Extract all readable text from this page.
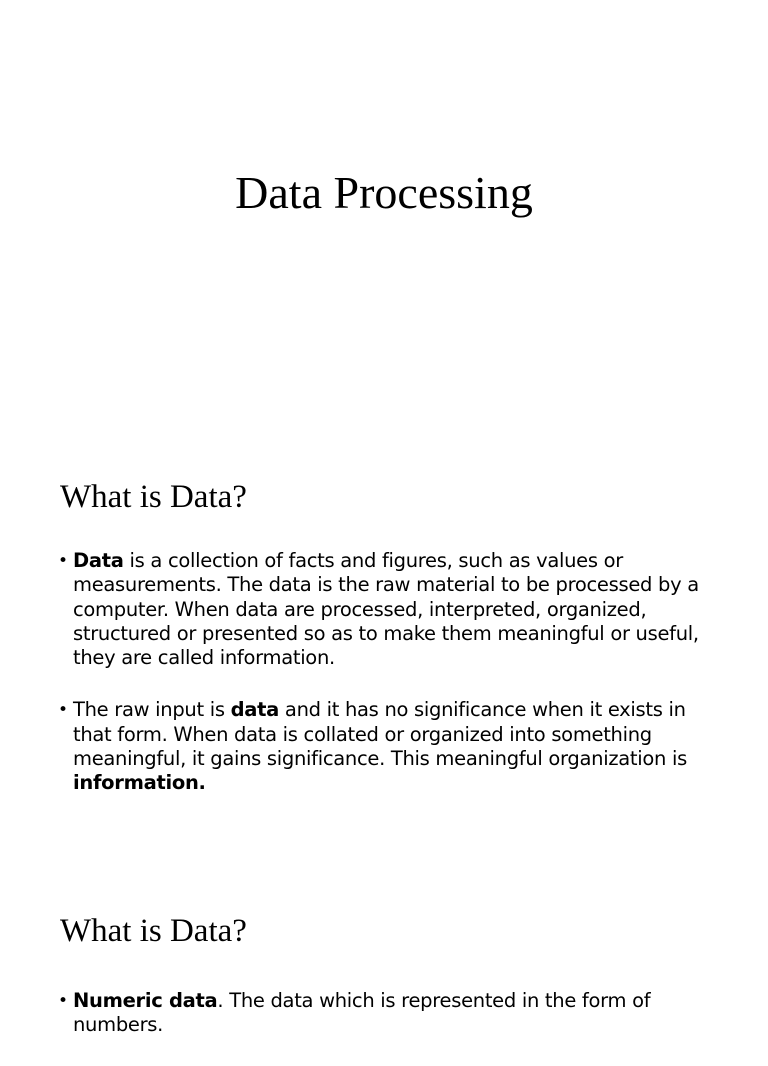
Data Processing
What is Data?
• Data is a collection of facts and figures, such as values or measurements. The data is the raw material to be processed by a computer. When data are processed, interpreted, organized, structured or presented so as to make them meaningful or useful, they are called information.
• The raw input is data and it has no significance when it exists in that form. When data is collated or organized into something meaningful, it gains significance. This meaningful organization is information.
What is Data?
• Numeric data. The data which is represented in the form of numbers.
